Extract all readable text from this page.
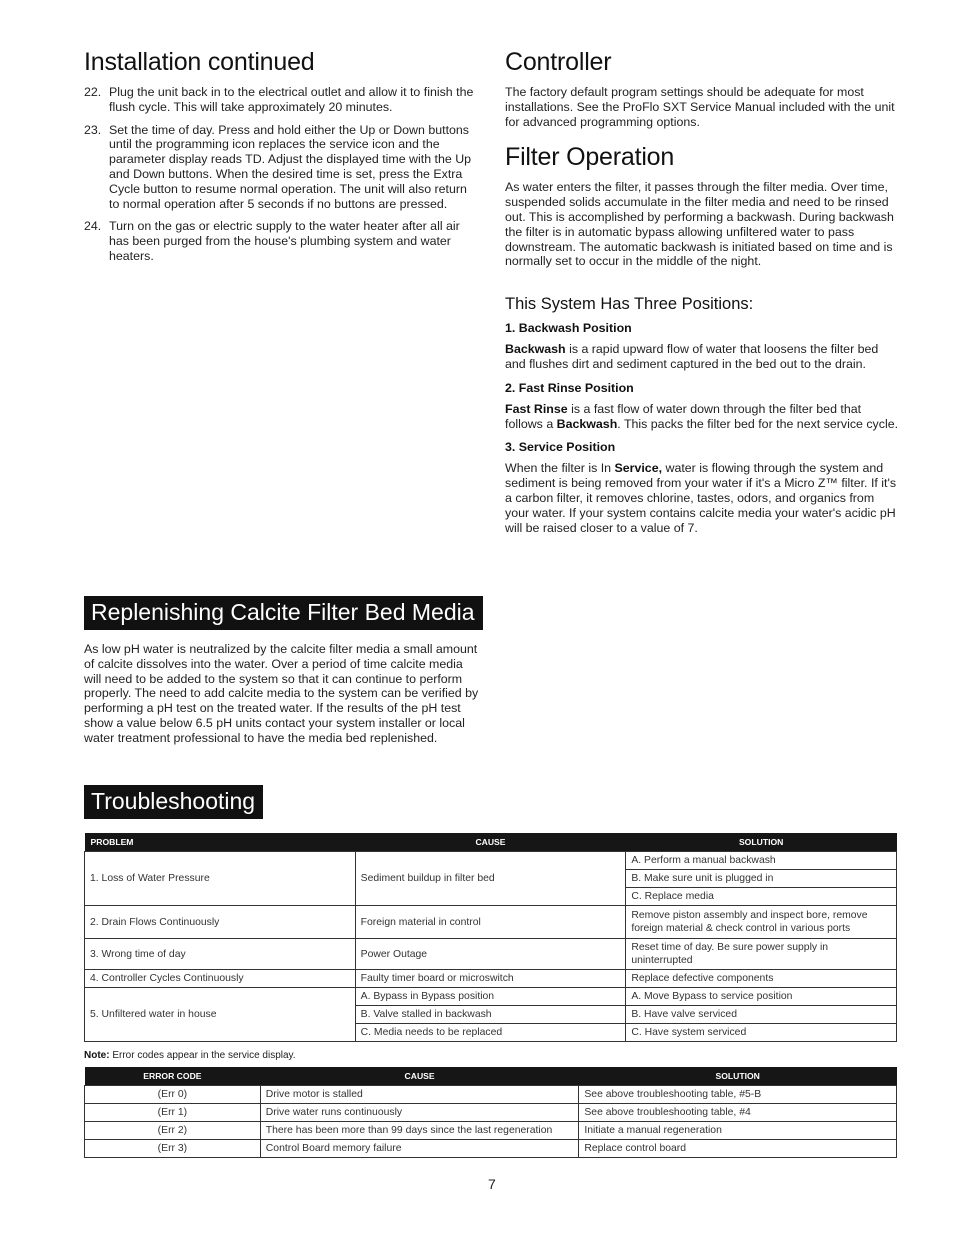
Installation continued
22. Plug the unit back in to the electrical outlet and allow it to finish the flush cycle. This will take approximately 20 minutes.
23. Set the time of day. Press and hold either the Up or Down buttons until the programming icon replaces the service icon and the parameter display reads TD. Adjust the displayed time with the Up and Down buttons. When the desired time is set, press the Extra Cycle button to resume normal operation. The unit will also return to normal operation after 5 seconds if no buttons are pressed.
24. Turn on the gas or electric supply to the water heater after all air has been purged from the house's plumbing system and water heaters.
Controller

The factory default program settings should be adequate for most installations. See the ProFlo SXT Service Manual included with the unit for advanced programming options.

Filter Operation

As water enters the filter, it passes through the filter media. Over time, suspended solids accumulate in the filter media and need to be rinsed out. This is accomplished by performing a backwash. During backwash the filter is in automatic bypass allowing unfiltered water to pass downstream. The automatic backwash is initiated based on time and is normally set to occur in the middle of the night.

This System Has Three Positions:
1. Backwash Position

Backwash is a rapid upward flow of water that loosens the filter bed and flushes dirt and sediment captured in the bed out to the drain.

2. Fast Rinse Position

Fast Rinse is a fast flow of water down through the filter bed that follows a Backwash. This packs the filter bed for the next service cycle.

3. Service Position

When the filter is In Service, water is flowing through the system and sediment is being removed from your water if it's a Micro Z™ filter. If it's a carbon filter, it removes chlorine, tastes, odors, and organics from your water. If your system contains calcite media your water's acidic pH will be raised closer to a value of 7.

Replenishing Calcite Filter Bed Media

As low pH water is neutralized by the calcite filter media a small amount of calcite dissolves into the water. Over a period of time calcite media will need to be added to the system so that it can continue to perform properly. The need to add calcite media to the system can be verified by performing a pH test on the treated water. If the results of the pH test show a value below 6.5 pH units contact your system installer or local water treatment professional to have the media bed replenished.

Troubleshooting
PROBLEM	CAUSE	SOLUTION
1. Loss of Water Pressure	Sediment buildup in filter bed	A. Perform a manual backwash
		B. Make sure unit is plugged in
		C. Replace media
2. Drain Flows Continuously	Foreign material in control	Remove piston assembly and inspect bore, remove foreign material & check control in various ports
3. Wrong time of day	Power Outage	Reset time of day. Be sure power supply in uninterrupted
4. Controller Cycles Continuously	Faulty timer board or microswitch	Replace defective components
5. Unfiltered water in house	A. Bypass in Bypass position	A. Move Bypass to service position
	B. Valve stalled in backwash	B. Have valve serviced
	C. Media needs to be replaced	C. Have system serviced
Note: Error codes appear in the service display.
ERROR CODE	CAUSE	SOLUTION
(Err 0)	Drive motor is stalled	See above troubleshooting table, #5-B
(Err 1)	Drive water runs continuously	See above troubleshooting table, #4
(Err 2)	There has been more than 99 days since the last regeneration	Initiate a manual regeneration
(Err 3)	Control Board memory failure	Replace control board
7
